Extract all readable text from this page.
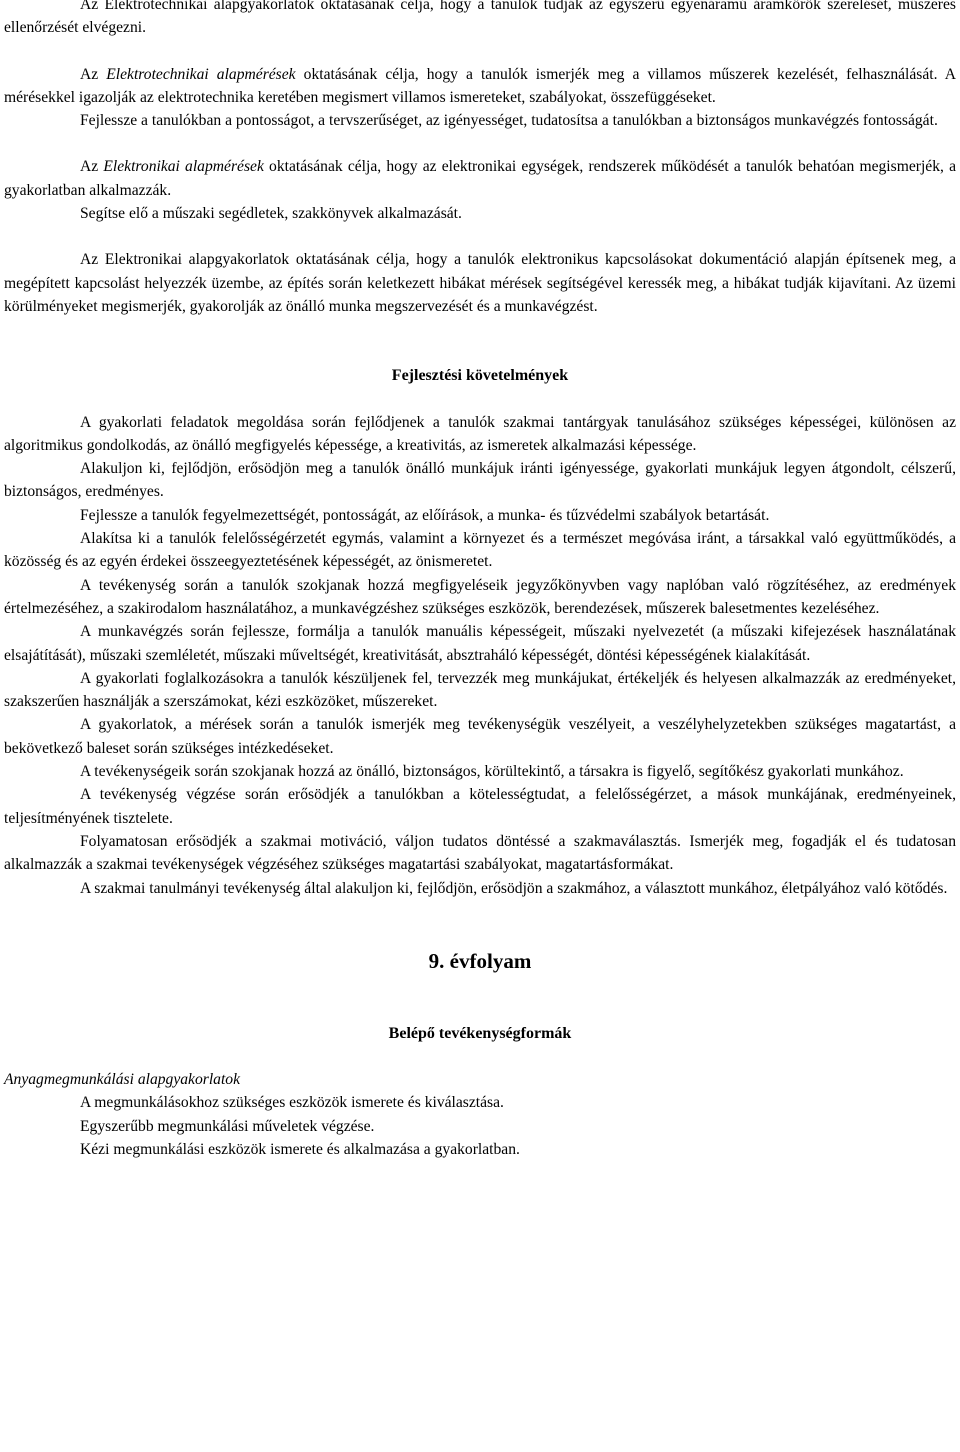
Az Elektrotechnikai alapgyakorlatok oktatásának célja, hogy a tanulók tudják az egyszerű egyenáramú áramkörök szerelését, műszeres ellenőrzését elvégezni.

Az Elektrotechnikai alapmérések oktatásának célja, hogy a tanulók ismerjék meg a villamos műszerek kezelését, felhasználását. A mérésekkel igazolják az elektrotechnika keretében megismert villamos ismereteket, szabályokat, összefüggéseket.

Fejlessze a tanulókban a pontosságot, a tervszerűséget, az igényességet, tudatosítsa a tanulókban a biztonságos munkavégzés fontosságát.

Az Elektronikai alapmérések oktatásának célja, hogy az elektronikai egységek, rendszerek működését a tanulók behatóan megismerjék, a gyakorlatban alkalmazzák.

Segítse elő a műszaki segédletek, szakkönyvek alkalmazását.

Az Elektronikai alapgyakorlatok oktatásának célja, hogy a tanulók elektronikus kapcsolásokat dokumentáció alapján építsenek meg, a megépített kapcsolást helyezzék üzembe, az építés során keletkezett hibákat mérések segítségével keressék meg, a hibákat tudják kijavítani. Az üzemi körülményeket megismerjék, gyakorolják az önálló munka megszervezését és a munkavégzést.

Fejlesztési követelmények

A gyakorlati feladatok megoldása során fejlődjenek a tanulók szakmai tantárgyak tanulásához szükséges képességei, különösen az algoritmikus gondolkodás, az önálló megfigyelés képessége, a kreativitás, az ismeretek alkalmazási képessége.

Alakuljon ki, fejlődjön, erősödjön meg a tanulók önálló munkájuk iránti igényessége, gyakorlati munkájuk legyen átgondolt, célszerű, biztonságos, eredményes.

Fejlessze a tanulók fegyelmezettségét, pontosságát, az előírások, a munka- és tűzvédelmi szabályok betartását.

Alakítsa ki a tanulók felelősségérzetét egymás, valamint a környezet és a természet megóvása iránt, a társakkal való együttműködés, a közösség és az egyén érdekei összeegyeztetésének képességét, az önismeretet.

A tevékenység során a tanulók szokjanak hozzá megfigyeléseik jegyzőkönyvben vagy naplóban való rögzítéséhez, az eredmények értelmezéséhez, a szakirodalom használatához, a munkavégzéshez szükséges eszközök, berendezések, műszerek balesetmentes kezeléséhez.

A munkavégzés során fejlessze, formálja a tanulók manuális képességeit, műszaki nyelvezetét (a műszaki kifejezések használatának elsajátítását), műszaki szemléletét, műszaki műveltségét, kreativitását, absztraháló képességét, döntési képességének kialakítását.

A gyakorlati foglalkozásokra a tanulók készüljenek fel, tervezzék meg munkájukat, értékeljék és helyesen alkalmazzák az eredményeket, szakszerűen használják a szerszámokat, kézi eszközöket, műszereket.

A gyakorlatok, a mérések során a tanulók ismerjék meg tevékenységük veszélyeit, a veszélyhelyzetekben szükséges magatartást, a bekövetkező baleset során szükséges intézkedéseket.

A tevékenységeik során szokjanak hozzá az önálló, biztonságos, körültekintő, a társakra is figyelő, segítőkész gyakorlati munkához.

A tevékenység végzése során erősödjék a tanulókban a kötelességtudat, a felelősségérzet, a mások munkájának, eredményeinek, teljesítményének tisztelete.

Folyamatosan erősödjék a szakmai motiváció, váljon tudatos döntéssé a szakmaválasztás. Ismerjék meg, fogadják el és tudatosan alkalmazzák a szakmai tevékenységek végzéséhez szükséges magatartási szabályokat, magatartásformákat.

A szakmai tanulmányi tevékenység által alakuljon ki, fejlődjön, erősödjön a szakmához, a választott munkához, életpályához való kötődés.

9. évfolyam

Belépő tevékenységformák

Anyagmegmunkálási alapgyakorlatok

A megmunkálásokhoz szükséges eszközök ismerete és kiválasztása.

Egyszerűbb megmunkálási műveletek végzése.

Kézi megmunkálási eszközök ismerete és alkalmazása a gyakorlatban.
